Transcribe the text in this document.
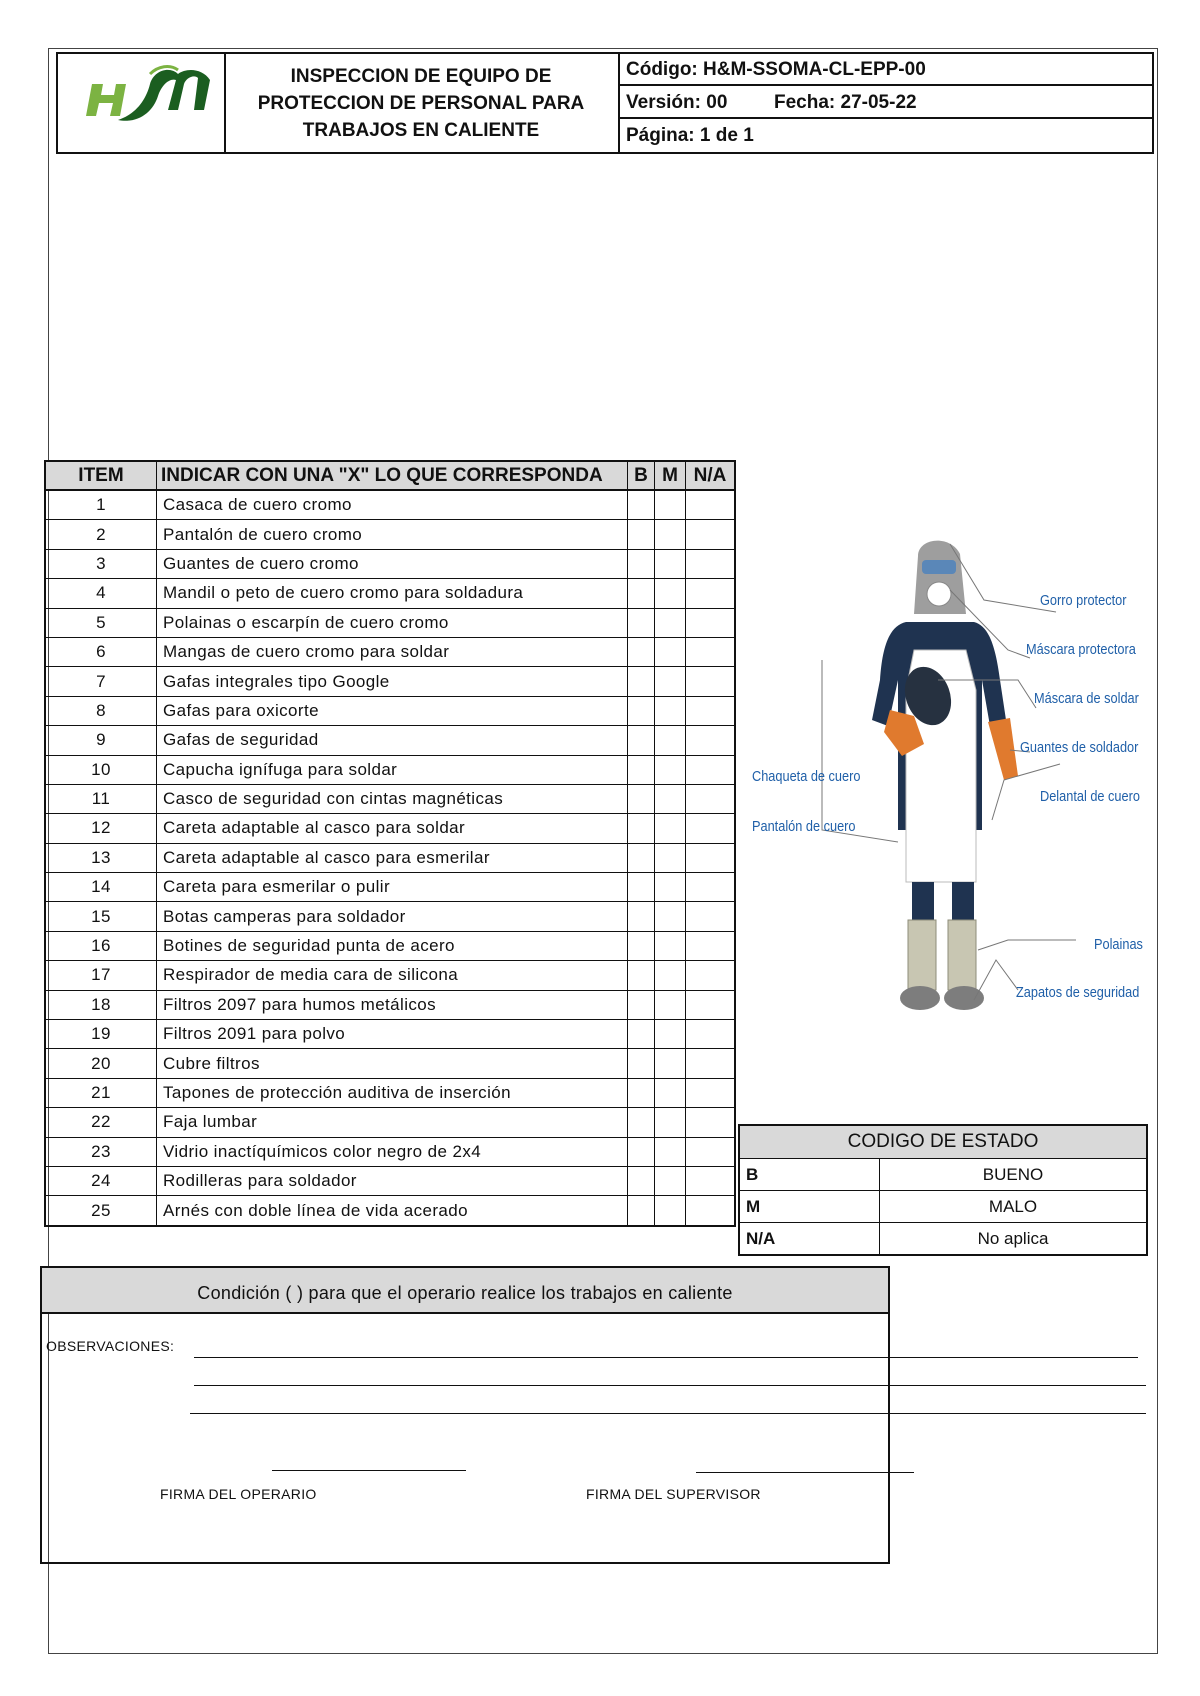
INSPECCION DE EQUIPO DE PROTECCION DE PERSONAL PARA TRABAJOS EN CALIENTE
Código: H&M-SSOMA-CL-EPP-00
Versión: 00 Fecha: 27-05-22
Página: 1 de 1
ITEM	INDICAR CON UNA "X" LO QUE CORRESPONDA	B	M	N/A
1	Casaca de cuero cromo			
2	Pantalón de cuero cromo			
3	Guantes de cuero cromo			
4	Mandil o peto de cuero cromo para soldadura			
5	Polainas o escarpín de cuero cromo			
6	Mangas de cuero cromo para soldar			
7	Gafas integrales tipo Google			
8	Gafas para oxicorte			
9	Gafas de seguridad			
10	Capucha ignífuga para soldar			
11	Casco de seguridad con cintas magnéticas			
12	Careta adaptable al casco para soldar			
13	Careta adaptable al casco para esmerilar			
14	Careta para esmerilar o pulir			
15	Botas camperas para soldador			
16	Botines de seguridad punta de acero			
17	Respirador de media cara de silicona			
18	Filtros 2097 para humos metálicos			
19	Filtros 2091 para polvo			
20	Cubre filtros			
21	Tapones de protección auditiva de inserción			
22	Faja lumbar			
23	Vidrio inactíquímicos color negro de 2x4			
24	Rodilleras para soldador			
25	Arnés con doble línea de vida acerado			
Gorro protector
Máscara protectora
Máscara de soldar
Guantes de soldador
Delantal de cuero
Chaqueta de cuero
Pantalón de cuero
Polainas
Zapatos de seguridad
CODIGO DE ESTADO	
B	BUENO
M	MALO
N/A	No aplica
Condición ( ) para que el operario realice los trabajos en caliente
OBSERVACIONES:
FIRMA DEL OPERARIO	FIRMA DEL SUPERVISOR
